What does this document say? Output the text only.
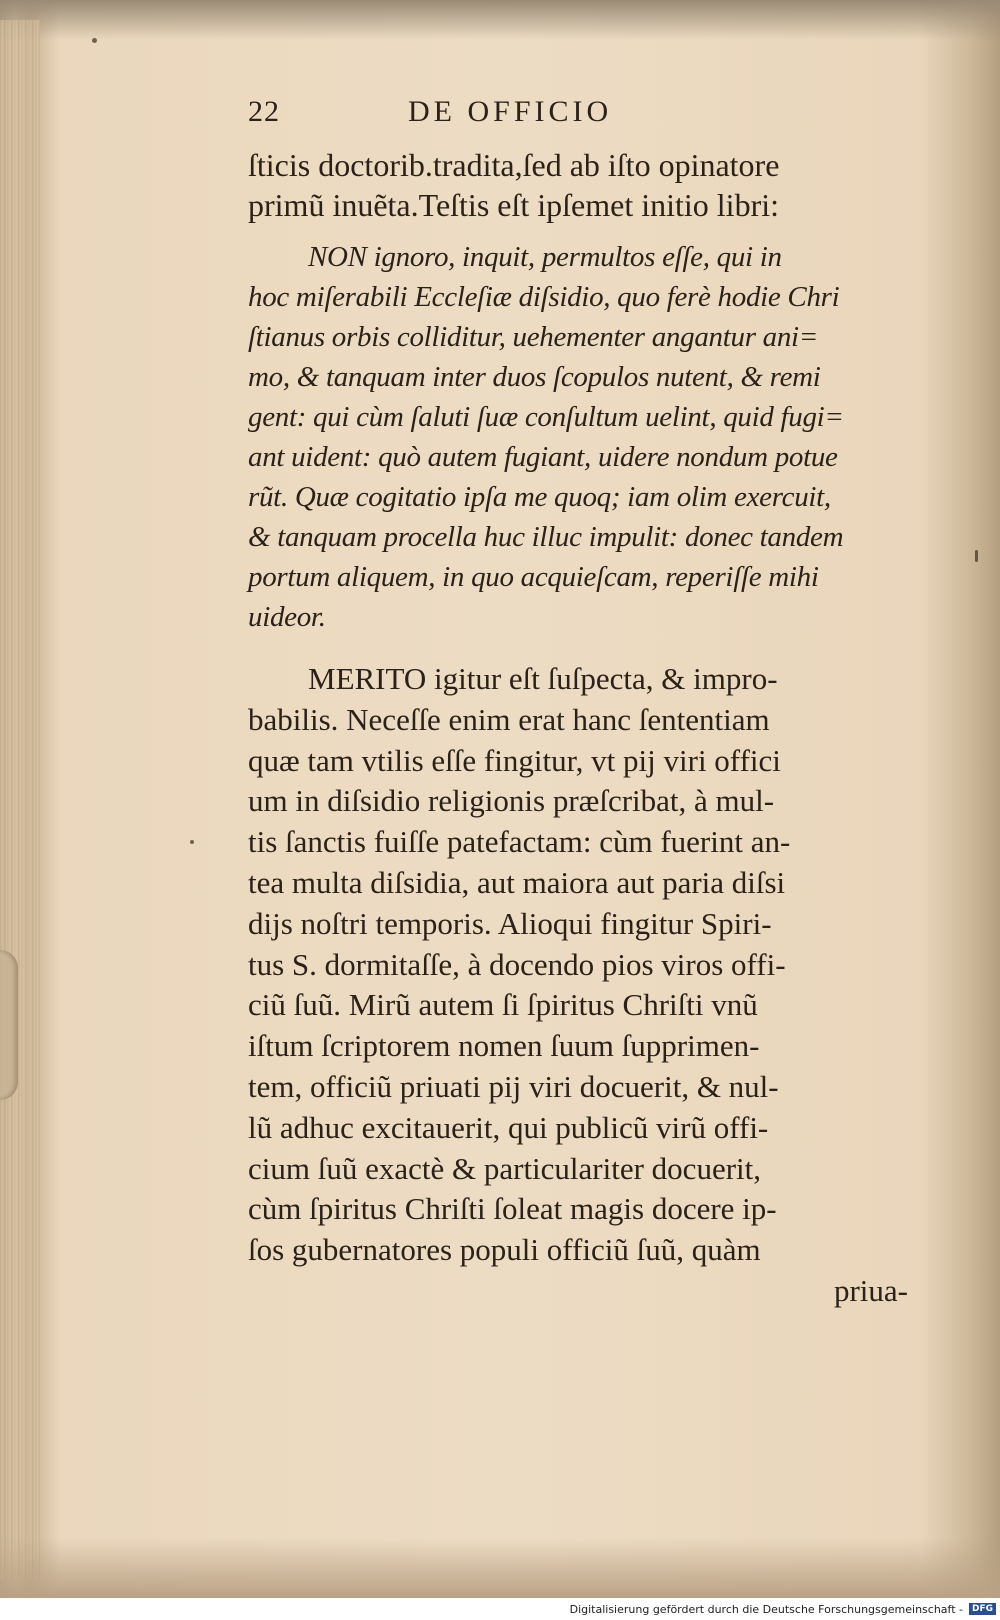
22	DE OFFICIO
ſticis doctorib.tradita,ſed ab iſto opinatore
primũ inuẽta.Teſtis eſt ipſemet initio libri:
NON ignoro, inquit, permultos eſſe, qui in
hoc miſerabili Eccleſiæ diſsidio, quo ferè hodie Chri
ſtianus orbis colliditur, uehementer angantur ani=
mo, & tanquam inter duos ſcopulos nutent, & remi
gent: qui cùm ſaluti ſuæ conſultum uelint, quid fugi=
ant uident: quò autem fugiant, uidere nondum potue
rũt. Quæ cogitatio ipſa me quoq; iam olim exercuit,
& tanquam procella huc illuc impulit: donec tandem
portum aliquem, in quo acquieſcam, reperiſſe mihi
uideor.
MERITO igitur eſt ſuſpecta, & impro-
babilis. Neceſſe enim erat hanc ſententiam
quæ tam vtilis eſſe fingitur, vt pij viri offici
um in diſsidio religionis præſcribat, à mul-
tis ſanctis fuiſſe patefactam: cùm fuerint an-
tea multa diſsidia, aut maiora aut paria diſsi
dijs noſtri temporis. Alioqui fingitur Spiri-
tus S. dormitaſſe, à docendo pios viros offi-
ciũ ſuũ. Mirũ autem ſi ſpiritus Chriſti vnũ
iſtum ſcriptorem nomen ſuum ſupprimen-
tem, officiũ priuati pij viri docuerit, & nul-
lũ adhuc excitauerit, qui publicũ virũ offi-
cium ſuũ exactè & particulariter docuerit,
cùm ſpiritus Chriſti ſoleat magis docere ip-
ſos gubernatores populi officiũ ſuũ, quàm
priua-
Digitalisierung gefördert durch die Deutsche Forschungsgemeinschaft -	DFG
